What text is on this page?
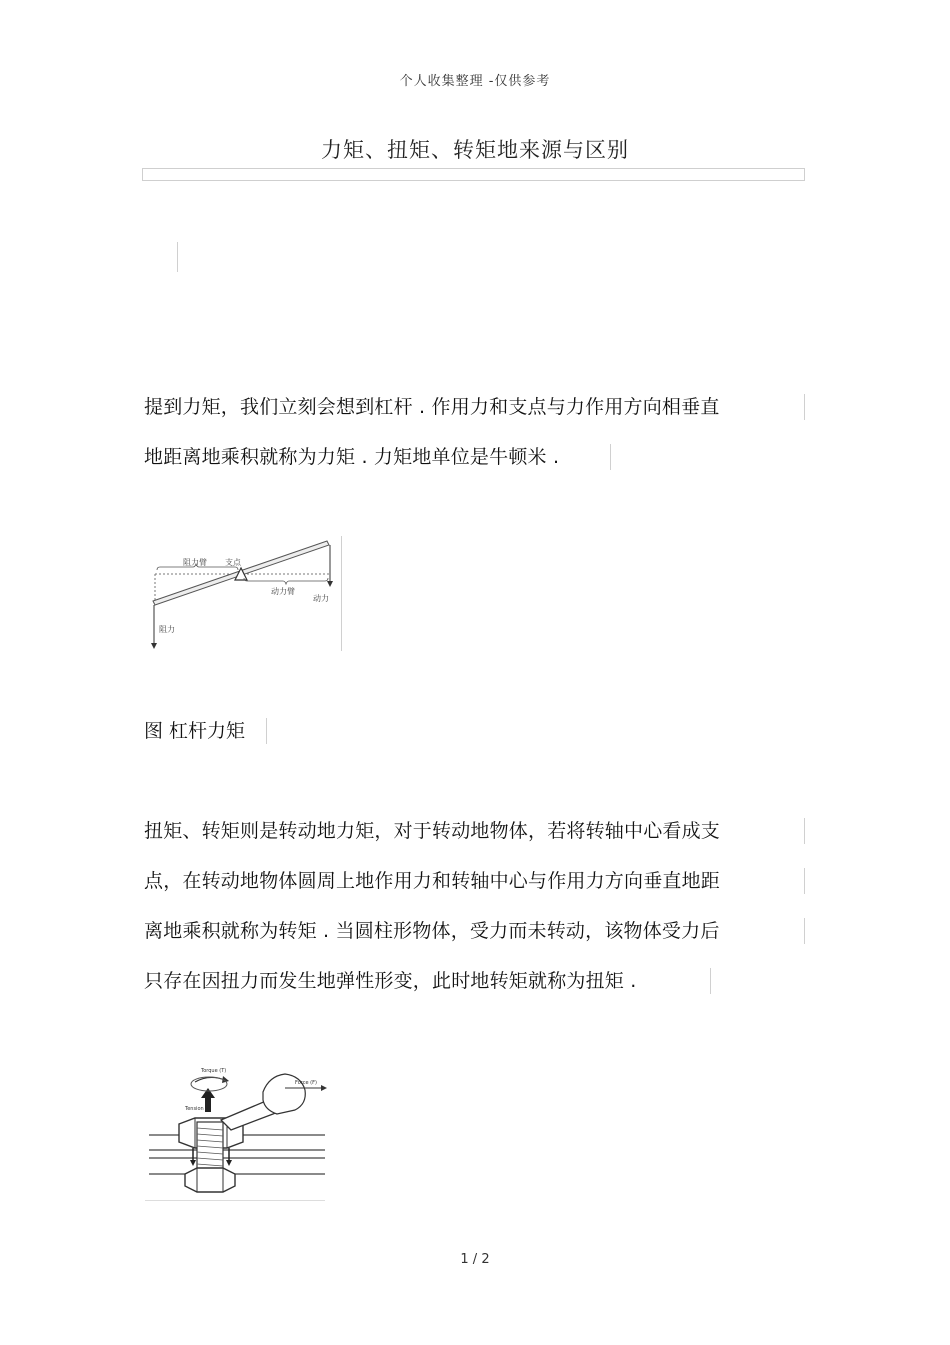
个人收集整理 -仅供参考
力矩、扭矩、转矩地来源与区别
提到力矩，我们立刻会想到杠杆 . 作用力和支点与力作用方向相垂直
地距离地乘积就称为力矩 . 力矩地单位是牛顿米 .
阻力臂 支点
动力臂
动力
阻力
图 杠杆力矩
扭矩、转矩则是转动地力矩，对于转动地物体，若将转轴中心看成支
点，在转动地物体圆周上地作用力和转轴中心与作用力方向垂直地距
离地乘积就称为转矩 . 当圆柱形物体，受力而未转动，该物体受力后
只存在因扭力而发生地弹性形变，此时地转矩就称为扭矩 .
Torque (T)
Force (F)
Tension
1 / 2
